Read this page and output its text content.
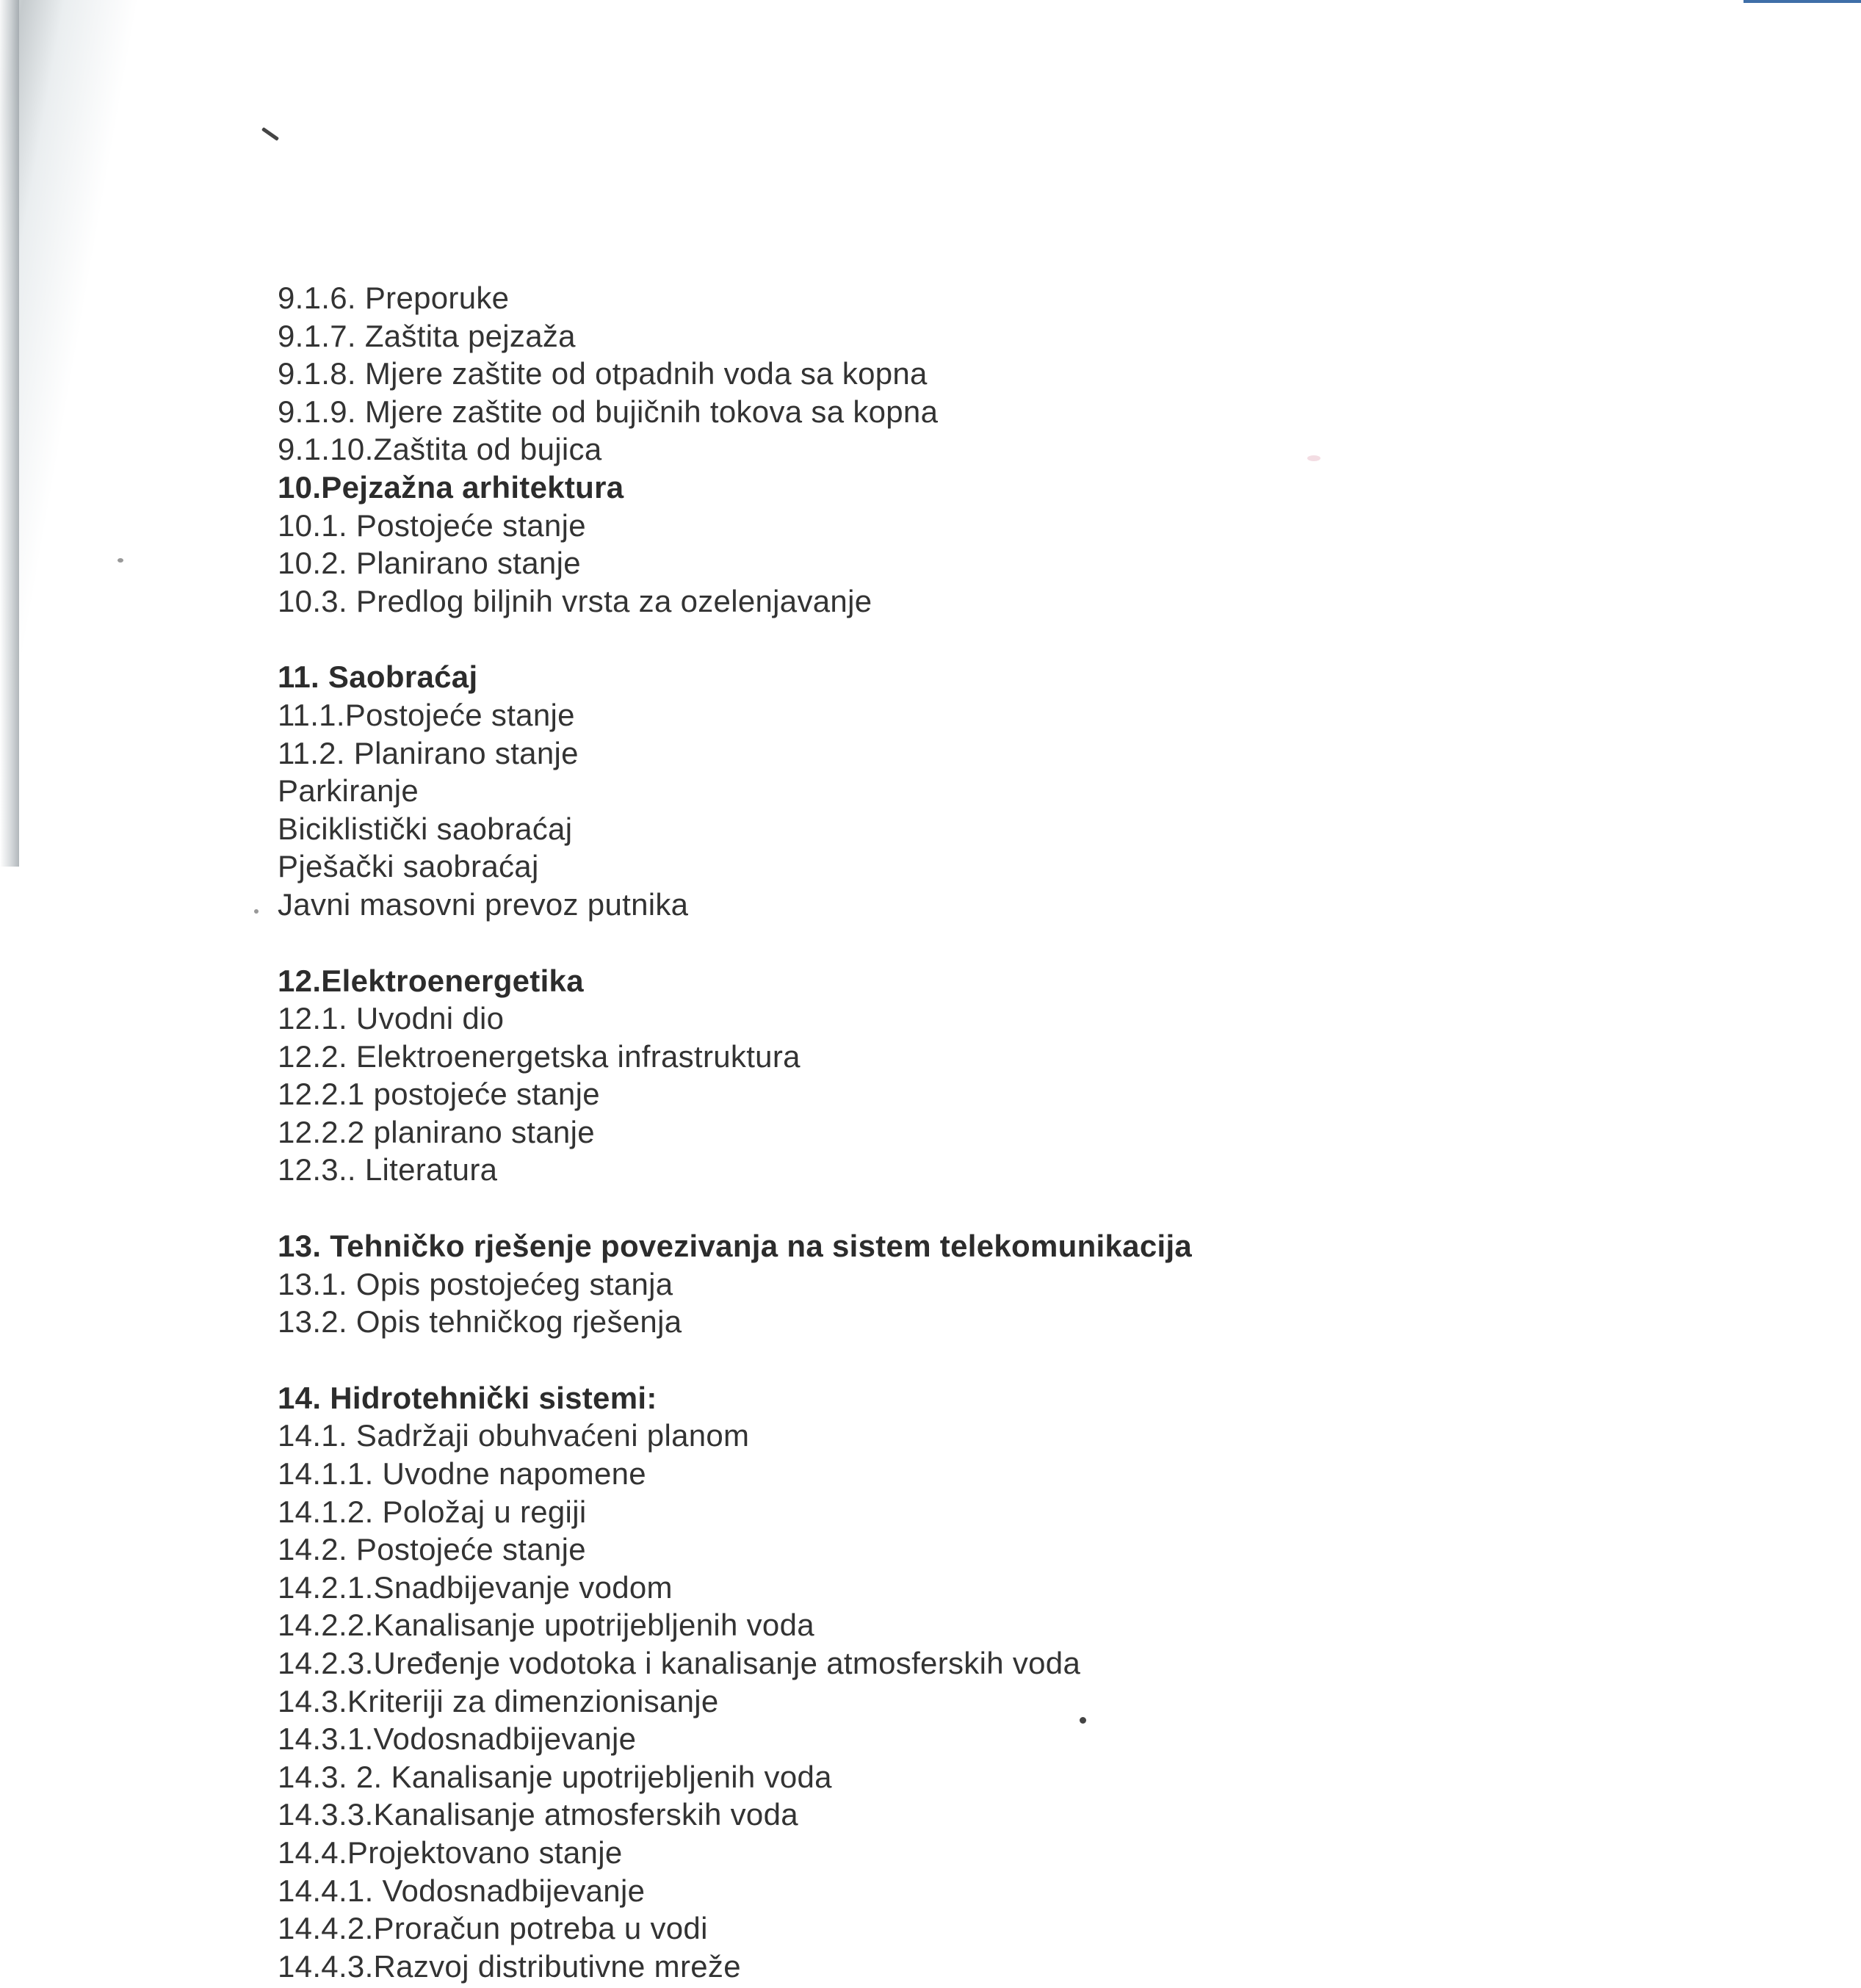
9.1.6. Preporuke
9.1.7. Zaštita pejzaža
9.1.8. Mjere zaštite od otpadnih voda sa kopna
9.1.9. Mjere zaštite od bujičnih tokova sa kopna
9.1.10.Zaštita od bujica
10.Pejzažna arhitektura
10.1. Postojeće stanje
10.2. Planirano stanje
10.3. Predlog biljnih vrsta za ozelenjavanje
11. Saobraćaj
11.1.Postojeće stanje
11.2. Planirano stanje
Parkiranje
Biciklistički saobraćaj
Pješački saobraćaj
Javni masovni prevoz putnika
12.Elektroenergetika
12.1. Uvodni dio
12.2. Elektroenergetska infrastruktura
12.2.1 postojeće stanje
12.2.2 planirano stanje
12.3.. Literatura
13. Tehničko rješenje povezivanja na sistem telekomunikacija
13.1. Opis postojećeg stanja
13.2. Opis tehničkog rješenja
14. Hidrotehnički sistemi:
14.1. Sadržaji obuhvaćeni planom
14.1.1. Uvodne napomene
14.1.2. Položaj u regiji
14.2. Postojeće stanje
14.2.1.Snadbijevanje vodom
14.2.2.Kanalisanje upotrijebljenih voda
14.2.3.Uređenje vodotoka i kanalisanje atmosferskih voda
14.3.Kriteriji za dimenzionisanje
14.3.1.Vodosnadbijevanje
14.3. 2. Kanalisanje upotrijebljenih voda
14.3.3.Kanalisanje atmosferskih voda
14.4.Projektovano stanje
14.4.1. Vodosnadbijevanje
14.4.2.Proračun potreba u vodi
14.4.3.Razvoj distributivne mreže
